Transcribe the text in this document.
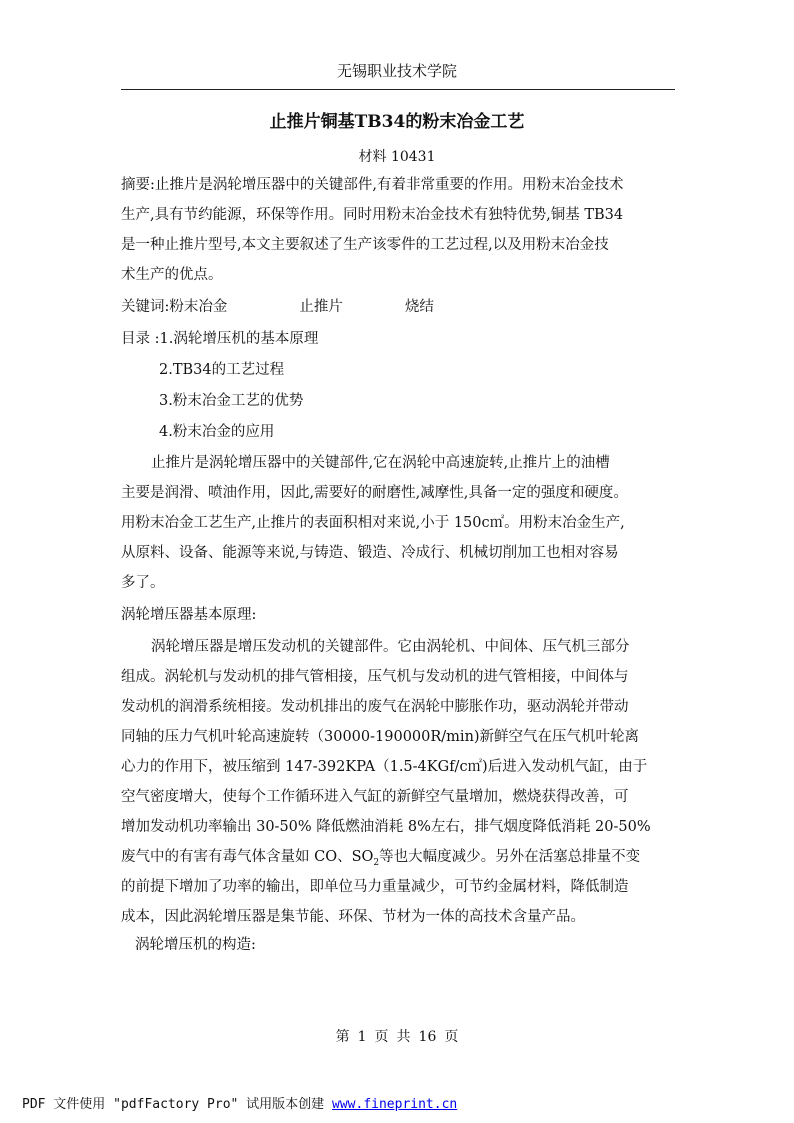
无锡职业技术学院
止推片铜基TB34的粉末冶金工艺
材料 10431
摘要:止推片是涡轮增压器中的关键部件,有着非常重要的作用。用粉末冶金技术
生产,具有节约能源，环保等作用。同时用粉末冶金技术有独特优势,铜基 TB34
是一种止推片型号,本文主要叙述了生产该零件的工艺过程,以及用粉末冶金技
术生产的优点。
关键词:粉末冶金	止推片	烧结
目录 :1.涡轮增压机的基本原理
2.TB34的工艺过程
3.粉末冶金工艺的优势
4.粉末冶金的应用
止推片是涡轮增压器中的关键部件,它在涡轮中高速旋转,止推片上的油槽
主要是润滑、喷油作用，因此,需要好的耐磨性,减摩性,具备一定的强度和硬度。
用粉末冶金工艺生产,止推片的表面积相对来说,小于 150c㎡。用粉末冶金生产,
从原料、设备、能源等来说,与铸造、锻造、冷成行、机械切削加工也相对容易
多了。
涡轮增压器基本原理:
涡轮增压器是增压发动机的关键部件。它由涡轮机、中间体、压气机三部分
组成。涡轮机与发动机的排气管相接，压气机与发动机的进气管相接，中间体与
发动机的润滑系统相接。发动机排出的废气在涡轮中膨胀作功，驱动涡轮并带动
同轴的压力气机叶轮高速旋转（30000-190000R/min)新鲜空气在压气机叶轮离
心力的作用下，被压缩到 147-392KPA（1.5-4KGf/c㎡)后进入发动机气缸，由于
空气密度增大，使每个工作循环进入气缸的新鲜空气量增加，燃烧获得改善，可
增加发动机功率输出 30-50% 降低燃油消耗 8%左右，排气烟度降低消耗 20-50%
废气中的有害有毒气体含量如 CO、$SO_2$等也大幅度减少。另外在活塞总排量不变
的前提下增加了功率的输出，即单位马力重量减少，可节约金属材料，降低制造
成本，因此涡轮增压器是集节能、环保、节材为一体的高技术含量产品。
涡轮增压机的构造:
第 1 页 共 16 页
PDF 文件使用 "pdfFactory Pro" 试用版本创建 www.fineprint.cn
